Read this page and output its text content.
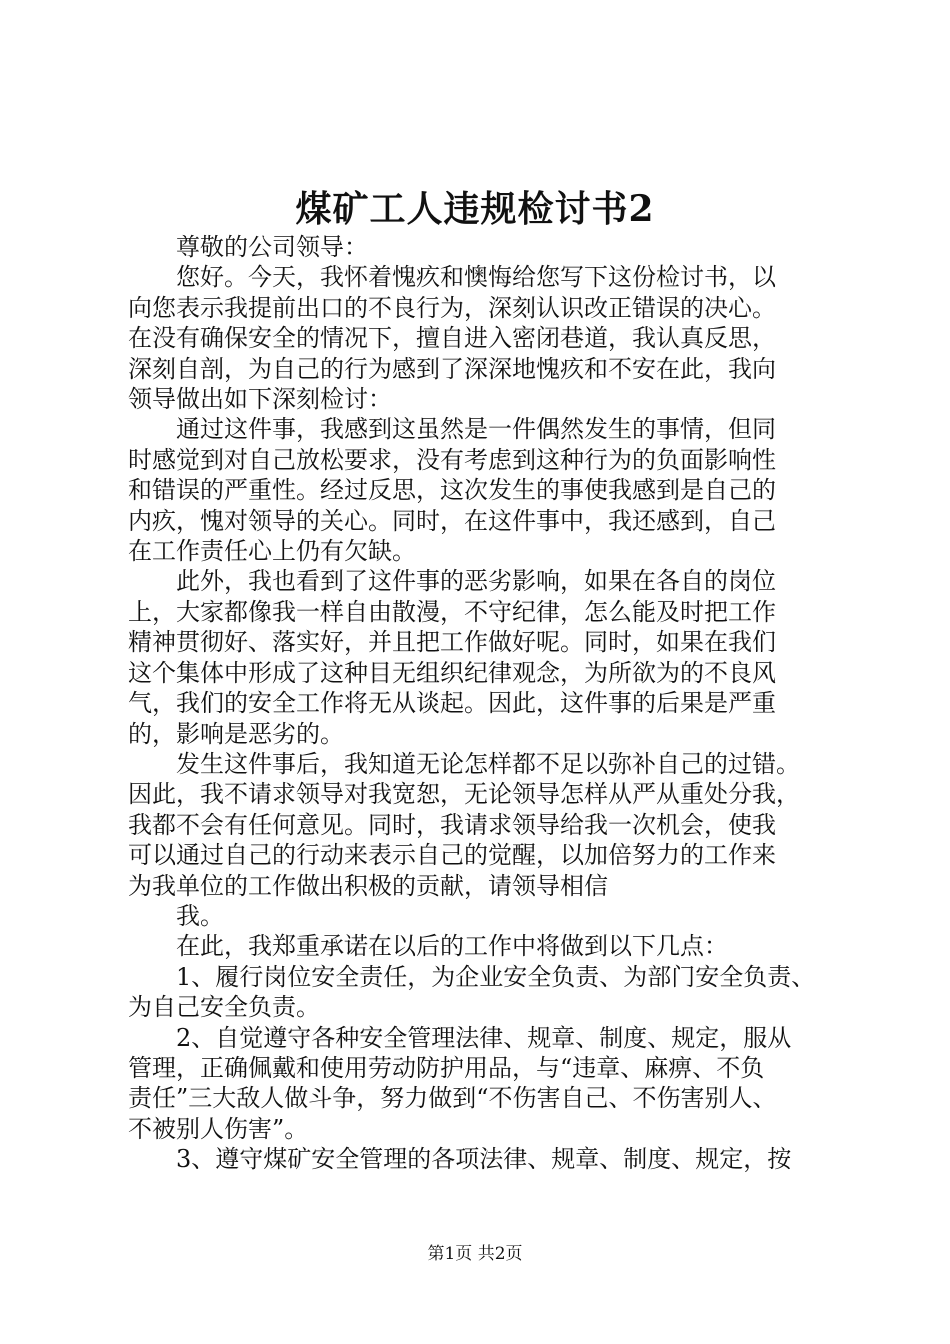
煤矿工人违规检讨书2
尊敬的公司领导：
您好。今天，我怀着愧疚和懊悔给您写下这份检讨书，以
向您表示我提前出口的不良行为，深刻认识改正错误的决心。
在没有确保安全的情况下，擅自进入密闭巷道，我认真反思，
深刻自剖，为自己的行为感到了深深地愧疚和不安在此，我向
领导做出如下深刻检讨：
通过这件事，我感到这虽然是一件偶然发生的事情，但同
时感觉到对自己放松要求，没有考虑到这种行为的负面影响性
和错误的严重性。经过反思，这次发生的事使我感到是自己的
内疚，愧对领导的关心。同时，在这件事中，我还感到，自己
在工作责任心上仍有欠缺。
此外，我也看到了这件事的恶劣影响，如果在各自的岗位
上，大家都像我一样自由散漫，不守纪律，怎么能及时把工作
精神贯彻好、落实好，并且把工作做好呢。同时，如果在我们
这个集体中形成了这种目无组织纪律观念，为所欲为的不良风
气，我们的安全工作将无从谈起。因此，这件事的后果是严重
的，影响是恶劣的。
发生这件事后，我知道无论怎样都不足以弥补自己的过错。
因此，我不请求领导对我宽恕，无论领导怎样从严从重处分我，
我都不会有任何意见。同时，我请求领导给我一次机会，使我
可以通过自己的行动来表示自己的觉醒，以加倍努力的工作来
为我单位的工作做出积极的贡献，请领导相信
我。
在此，我郑重承诺在以后的工作中将做到以下几点：
1、履行岗位安全责任，为企业安全负责、为部门安全负责、
为自己安全负责。
2、自觉遵守各种安全管理法律、规章、制度、规定，服从
管理，正确佩戴和使用劳动防护用品，与“违章、麻痹、不负
责任”三大敌人做斗争，努力做到“不伤害自己、不伤害别人、
不被别人伤害”。
3、遵守煤矿安全管理的各项法律、规章、制度、规定，按
第1页 共2页
